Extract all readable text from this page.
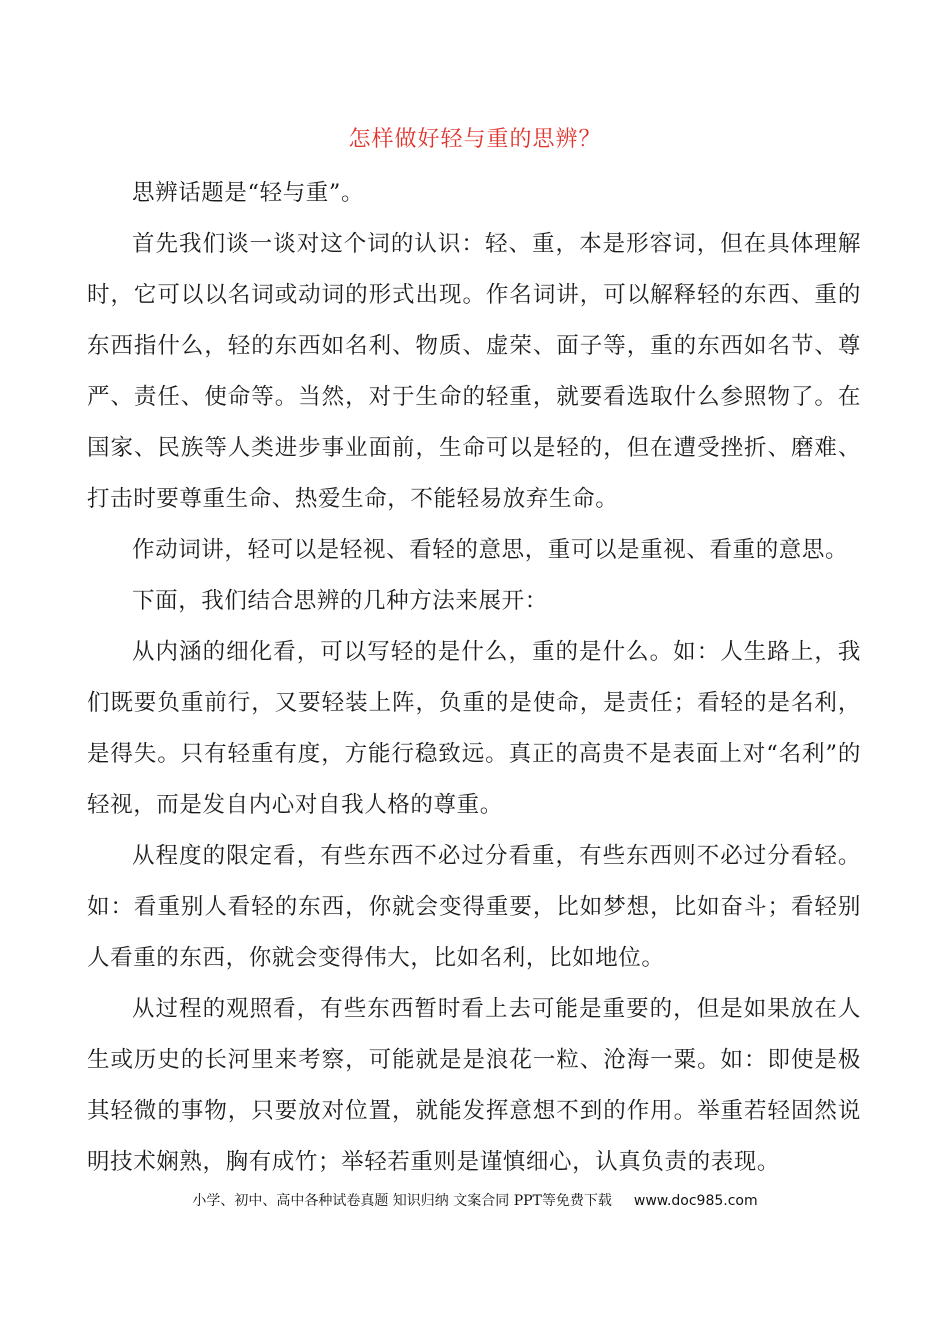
怎样做好轻与重的思辨？

思辨话题是“轻与重”。

首先我们谈一谈对这个词的认识：轻、重，本是形容词，但在具体理解时，它可以以名词或动词的形式出现。作名词讲，可以解释轻的东西、重的东西指什么，轻的东西如名利、物质、虚荣、面子等，重的东西如名节、尊严、责任、使命等。当然，对于生命的轻重，就要看选取什么参照物了。在国家、民族等人类进步事业面前，生命可以是轻的，但在遭受挫折、磨难、打击时要尊重生命、热爱生命，不能轻易放弃生命。

作动词讲，轻可以是轻视、看轻的意思，重可以是重视、看重的意思。

下面，我们结合思辨的几种方法来展开：

从内涵的细化看，可以写轻的是什么，重的是什么。如：人生路上，我们既要负重前行，又要轻装上阵，负重的是使命，是责任；看轻的是名利，是得失。只有轻重有度，方能行稳致远。真正的高贵不是表面上对“名利”的轻视，而是发自内心对自我人格的尊重。

从程度的限定看，有些东西不必过分看重，有些东西则不必过分看轻。如：看重别人看轻的东西，你就会变得重要，比如梦想，比如奋斗；看轻别人看重的东西，你就会变得伟大，比如名利，比如地位。

从过程的观照看，有些东西暂时看上去可能是重要的，但是如果放在人生或历史的长河里来考察，可能就是是浪花一粒、沧海一粟。如：即使是极其轻微的事物，只要放对位置，就能发挥意想不到的作用。举重若轻固然说明技术娴熟，胸有成竹；举轻若重则是谨慎细心，认真负责的表现。

小学、初中、高中各种试卷真题 知识归纳 文案合同 PPT等免费下载 www.doc985.com
